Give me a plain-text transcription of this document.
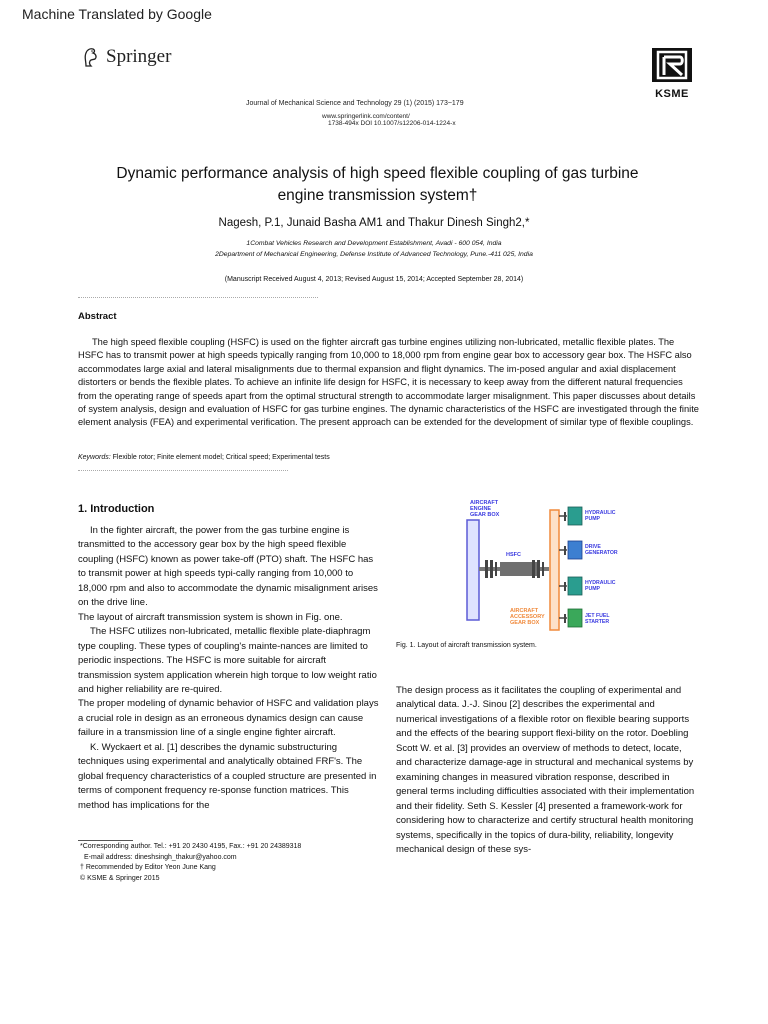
Machine Translated by Google
Springer
KSME
Journal of Mechanical Science and Technology 29 (1) (2015) 173~179
www.springerlink.com/content/
1738-494x DOI 10.1007/s12206-014-1224-x
Dynamic performance analysis of high speed flexible coupling of gas turbine engine transmission system†
Nagesh, P.1, Junaid Basha AM1 and Thakur Dinesh Singh2,*
1Combat Vehicles Research and Development Establishment, Avadi - 600 054, India
2Department of Mechanical Engineering, Defense Institute of Advanced Technology, Pune.-411 025, India
(Manuscript Received August 4, 2013; Revised August 15, 2014; Accepted September 28, 2014)
Abstract
The high speed flexible coupling (HSFC) is used on the fighter aircraft gas turbine engines utilizing non-lubricated, metallic flexible plates. The HSFC has to transmit power at high speeds typically ranging from 10,000 to 18,000 rpm from engine gear box to accessory gear box. The HSFC also accommodates large axial and lateral misalignments due to thermal expansion and flight dynamics. The im-posed angular and axial displacement distorters or bends the flexible plates. To achieve an infinite life design for HSFC, it is necessary to keep away from the different natural frequencies from the operating range of speeds apart from the optimal structural strength to accommodate larger misalignment. This paper discusses about details of system analysis, design and evaluation of HSFC for gas turbine engines. The dynamic characteristics of the HSFC are investigated through the finite element analysis (FEA) and experimental verification. The present approach can be extended for the development of similar type of flexible couplings.
Keywords: Flexible rotor; Finite element model; Critical speed; Experimental tests
1. Introduction

In the fighter aircraft, the power from the gas turbine engine is transmitted to the accessory gear box by the high speed flexible coupling (HSFC) known as power take-off (PTO) shaft. The HSFC has to transmit power at high speeds typi-cally ranging from 10,000 to 18,000 rpm and also to accommodate the dynamic misalignment arises on the drive line.

The layout of aircraft transmission system is shown in Fig. one.

The HSFC utilizes non-lubricated, metallic flexible plate-diaphragm type coupling. These types of coupling's mainte-nances are limited to periodic inspections. The HSFC is more suitable for aircraft transmission system application wherein high torque to low weight ratio and higher reliability are re-quired.

The proper modeling of dynamic behavior of HSFC and validation plays a crucial role in design as an erroneous dynamics design can cause failure in a transmission line of a single engine fighter aircraft.

K. Wyckaert et al. [1] describes the dynamic substructuring techniques using experimental and analytically obtained FRF's. The global frequency characteristics of a coupled structure are presented in terms of component frequency re-sponse function matrices. This method has implications for the

AIRCRAFT
ENGINE
GEAR BOX
HSFC
AIRCRAFT
ACCESSORY
GEAR BOX
HYDRAULIC
PUMP
DRIVE
GENERATOR
HYDRAULIC
PUMP
JET FUEL
STARTER
Fig. 1. Layout of aircraft transmission system.
The design process as it facilitates the coupling of experimental and analytical data. J.-J. Sinou [2] describes the experimental and numerical investigations of a flexible rotor on flexible bearing supports and the effects of the bearing support flexi-bility on the rotor. Doebling Scott W. et al. [3] provides an overview of methods to detect, locate, and characterize damage-age in structural and mechanical systems by examining changes in measured vibration response, described in general terms including difficulties associated with their implementation and their fidelity. Seth S. Kessler [4] presented a framework-work for considering how to characterize and certify structural health monitoring systems, specifically in the topics of dura-bility, reliability, longevity mechanical design of these sys-
*Corresponding author. Tel.: +91 20 2430 4195, Fax.: +91 20 24389318
E-mail address: dineshsingh_thakur@yahoo.com
† Recommended by Editor Yeon June Kang
© KSME & Springer 2015
